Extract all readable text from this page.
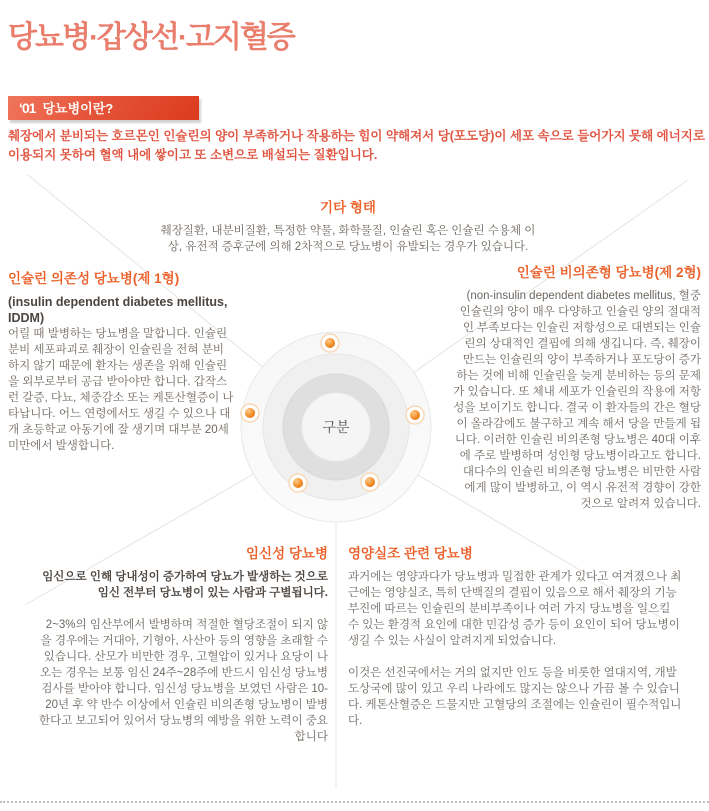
당뇨병·갑상선·고지혈증
‘01 당뇨병이란?
췌장에서 분비되는 호르몬인 인슐린의 양이 부족하거나 작용하는 힘이 약해져서 당(포도당)이 세포 속으로 들어가지 못해 에너지로 이용되지 못하여 혈액 내에 쌓이고 또 소변으로 배설되는 질환입니다.
구분
기타 형태

췌장질환, 내분비질환, 특정한 약물, 화학물질, 인슐린 혹은 인슐린 수용체 이상, 유전적 증후군에 의해 2차적으로 당뇨병이 유발되는 경우가 있습니다.

인슐린 의존성 당뇨병(제 1형)

(insulin dependent diabetes mellitus, IDDM)

어릴 때 발병하는 당뇨병을 말합니다. 인슐린분비 세포파괴로 췌장이 인슐린을 전혀 분비하지 않기 때문에 환자는 생존을 위해 인슐린을 외부로부터 공급 받아야만 합니다. 갑작스런 갈증, 다뇨, 체중감소 또는 케톤산혈증이 나타납니다. 어느 연령에서도 생길 수 있으나 대개 초등학교 아동기에 잘 생기며 대부분 20세 미만에서 발생합니다.

인슐린 비의존형 당뇨병(제 2형)

(non-insulin dependent diabetes mellitus, 혈중 인슐린의 양이 매우 다양하고 인슐린 양의 절대적인 부족보다는 인슐린 저항성으로 대변되는 인슐린의 상대적인 결핍에 의해 생깁니다. 즉, 췌장이 만드는 인슐린의 양이 부족하거나 포도당이 증가하는 것에 비해 인슐린을 늦게 분비하는 등의 문제가 있습니다. 또 체내 세포가 인슐린의 작용에 저항성을 보이기도 합니다. 결국 이 환자들의 간은 혈당이 올라감에도 불구하고 계속 해서 당을 만들게 됩니다. 이러한 인슐린 비의존형 당뇨병은 40대 이후에 주로 발병하며 성인형 당뇨병이라고도 합니다. 대다수의 인슐린 비의존형 당뇨병은 비만한 사람에게 많이 발병하고, 이 역시 유전적 경향이 강한 것으로 알려져 있습니다.

임신성 당뇨병

임신으로 인해 당내성이 증가하여 당뇨가 발생하는 것으로 임신 전부터 당뇨병이 있는 사람과 구별됩니다.

2~3%의 임산부에서 발병하며 적절한 혈당조절이 되지 않을 경우에는 거대아, 기형아, 사산아 등의 영향을 초래할 수 있습니다. 산모가 비만한 경우, 고혈압이 있거나 요당이 나오는 경우는 보통 임신 24주~28주에 반드시 임신성 당뇨병 검사를 받아야 합니다. 임신성 당뇨병을 보였던 사람은 10-20년 후 약 반수 이상에서 인슐린 비의존형 당뇨병이 발병한다고 보고되어 있어서 당뇨병의 예방을 위한 노력이 중요합니다

영양실조 관련 당뇨병

과거에는 영양과다가 당뇨병과 밀접한 관계가 있다고 여겨졌으나 최근에는 영양실조, 특히 단백질의 결핍이 있음으로 해서 췌장의 기능부진에 따르는 인슐린의 분비부족이나 여러 가지 당뇨병을 일으킬 수 있는 환경적 요인에 대한 민감성 증가 등이 요인이 되어 당뇨병이 생길 수 있는 사실이 알려지게 되었습니다.

이것은 선진국에서는 거의 없지만 인도 등을 비롯한 열대지역, 개발도상국에 많이 있고 우리 나라에도 많지는 않으나 가끔 볼 수 있습니다. 케톤산혈증은 드물지만 고혈당의 조절에는 인슐린이 필수적입니다.
